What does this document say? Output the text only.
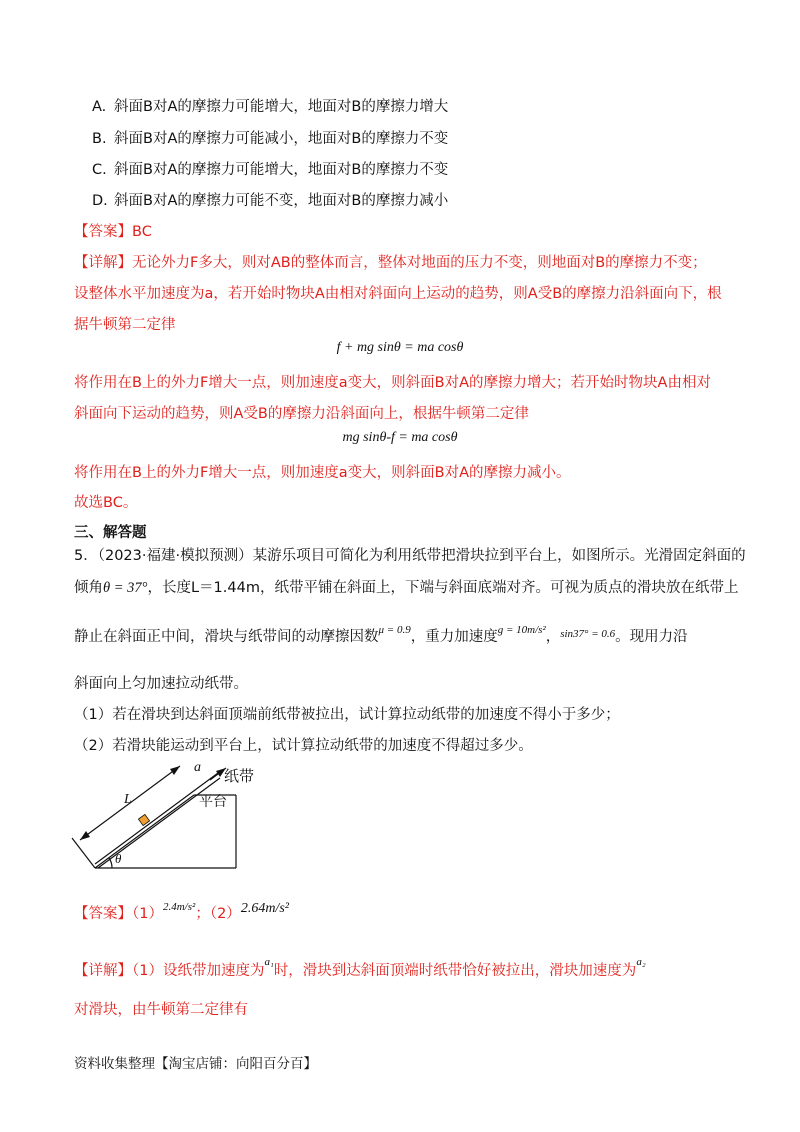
A. 斜面B对A的摩擦力可能增大，地面对B的摩擦力增大
B. 斜面B对A的摩擦力可能减小，地面对B的摩擦力不变
C. 斜面B对A的摩擦力可能增大，地面对B的摩擦力不变
D. 斜面B对A的摩擦力可能不变，地面对B的摩擦力减小
【答案】BC
【详解】无论外力F多大，则对AB的整体而言，整体对地面的压力不变，则地面对B的摩擦力不变；
设整体水平加速度为a，若开始时物块A由相对斜面向上运动的趋势，则A受B的摩擦力沿斜面向下，根
据牛顿第二定律
f + mg sinθ = ma cosθ
将作用在B上的外力F增大一点，则加速度a变大，则斜面B对A的摩擦力增大；若开始时物块A由相对
斜面向下运动的趋势，则A受B的摩擦力沿斜面向上，根据牛顿第二定律
mg sinθ-f = ma cosθ
将作用在B上的外力F增大一点，则加速度a变大，则斜面B对A的摩擦力减小。
故选BC。
三、解答题
5．（2023·福建·模拟预测）某游乐项目可简化为利用纸带把滑块拉到平台上，如图所示。光滑固定斜面的
倾角θ = 37°，长度L＝1.44m，纸带平铺在斜面上，下端与斜面底端对齐。可视为质点的滑块放在纸带上
静止在斜面正中间，滑块与纸带间的动摩擦因数$^{\mu = 0.9}$，重力加速度$^{g = 10m/s^2}$，$^{sin37^\circ = 0.6}$。现用力沿
斜面向上匀加速拉动纸带。
（1）若在滑块到达斜面顶端前纸带被拉出，试计算拉动纸带的加速度不得小于多少；
（2）若滑块能运动到平台上，试计算拉动纸带的加速度不得超过多少。
a 纸带
平台
L
θ
【答案】$(1)^{2.4m/s^2}$；（2）2.64m/s²
【详解】（1）设纸带加速度为$^{a_1}$时，滑块到达斜面顶端时纸带恰好被拉出，滑块加速度为$^{a_2}$
对滑块，由牛顿第二定律有
资料收集整理【淘宝店铺：向阳百分百】
